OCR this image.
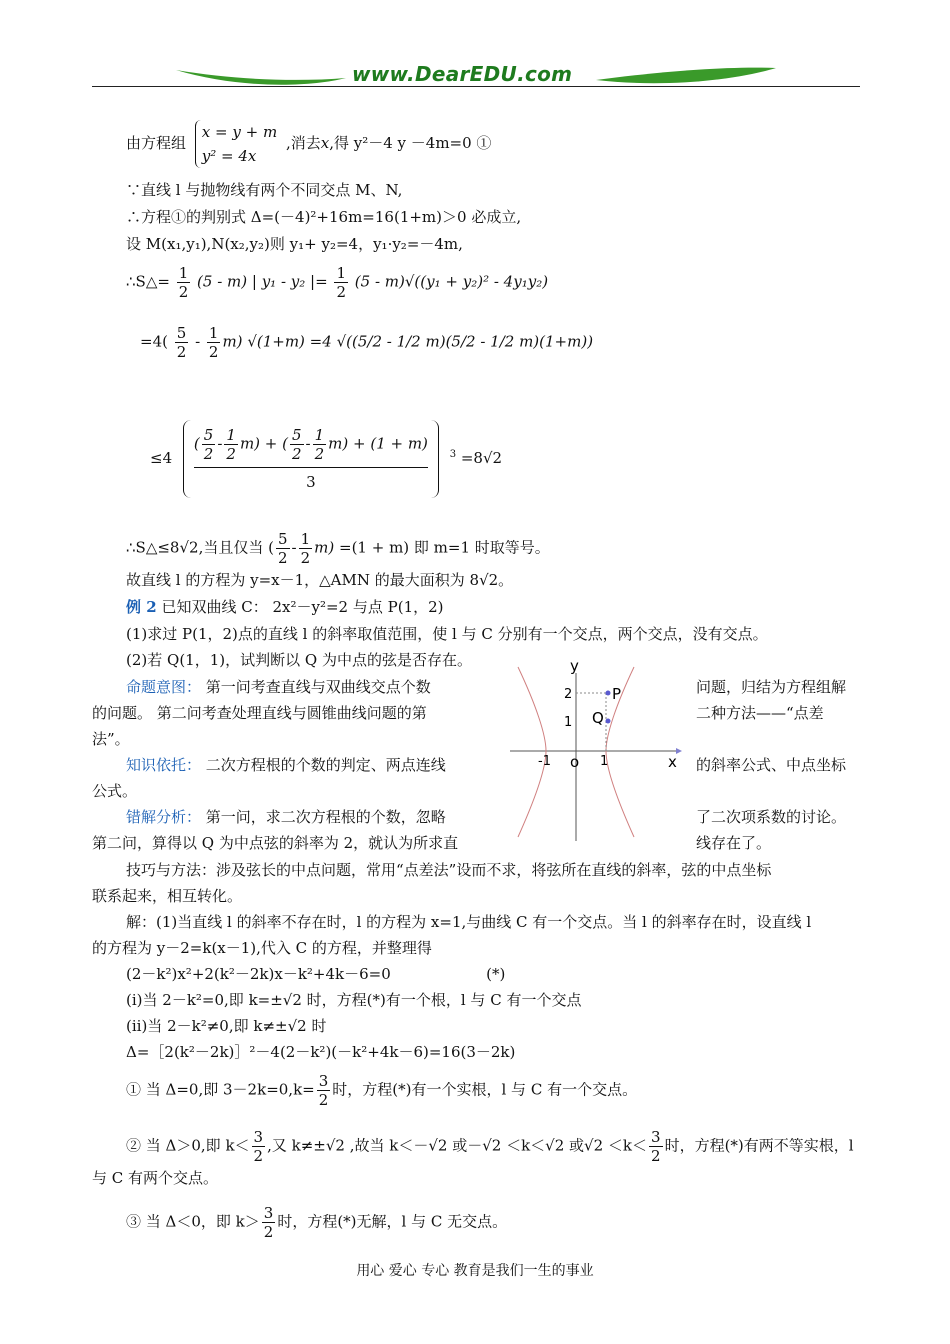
www.DearEDU.com
由方程组
x = y + m
y² = 4x
,消去x,得 y²－4 y －4m=0 ①
∵直线 l 与抛物线有两个不同交点 M、N,
∴方程①的判别式 Δ=(－4)²+16m=16(1+m)＞0 必成立,
设 M(x₁,y₁),N(x₂,y₂)则 y₁+ y₂=4，y₁·y₂=－4m,
∴S△= $\frac{1}{2} (5 - m)$ | y₁ - y₂ |= $\frac{1}{2} (5 - m)√((y_1 + y_2)^2 - 4y_1y_2)$
$=4( \frac{5}{2} - \frac{1}{2} m)$ √(1+m) =4 √((5/2 - 1/2 m)(5/2 - 1/2 m)(1+m))
$\le 4 \frac{( \frac{5}{2} - \frac{1}{2} m) + ( \frac{5}{2} - \frac{1}{2} m) + (1 + m)}{3} ^3 =8√2$
∴S△≤8√2,当且仅当 ( $\frac{5}{2} - \frac{1}{2} m) =(1 + m)$ 即 m=1 时取等号。
故直线 l 的方程为 y=x－1，△AMN 的最大面积为 8√2。
例 2 已知双曲线 C： 2x²－y²=2 与点 P(1，2)
(1)求过 P(1，2)点的直线 l 的斜率取值范围，使 l 与 C 分别有一个交点，两个交点，没有交点。
(2)若 Q(1，1)，试判断以 Q 为中点的弦是否存在。
命题意图： 第一问考查直线与双曲线交点个数	问题，归结为方程组解
的问题。 第二问考查处理直线与圆锥曲线问题的第	二种方法——“点差
法”。
知识依托： 二次方程根的个数的判定、两点连线	的斜率公式、中点坐标
公式。
错解分析： 第一问，求二次方程根的个数，忽略	了二次项系数的讨论。
第二问，算得以 Q 为中点弦的斜率为 2，就认为所求直	线存在了。
y
x
o
-1	1
2
1
P
Q
技巧与方法：涉及弦长的中点问题，常用“点差法”设而不求，将弦所在直线的斜率，弦的中点坐标
联系起来，相互转化。
解：(1)当直线 l 的斜率不存在时，l 的方程为 x=1,与曲线 C 有一个交点。当 l 的斜率存在时，设直线 l
的方程为 y－2=k(x－1),代入 C 的方程，并整理得
(2－k²)x²+2(k²－2k)x－k²+4k－6=0                    (*)
(ⅰ)当 2－k²=0,即 k=±√2 时，方程(*)有一个根，l 与 C 有一个交点
(ⅱ)当 2－k²≠0,即 k≠±√2 时
Δ=［2(k²－2k)］²－4(2－k²)(－k²+4k－6)=16(3－2k)
① 当 Δ=0,即 $3-2k=0,k= \frac{3}{2}$ 时，方程(*)有一个实根，l 与 C 有一个交点。
② 当 Δ＞0,即 $k< \frac{3}{2}$ ,又 k≠±√2 ,故当 k＜－√2 或－√2 ＜k＜√2 或$√2 <k< \frac{3}{2}$ 时，方程(*)有两不等实根，l
与 C 有两个交点。
③ 当 Δ＜0，即 $k> \frac{3}{2}$ 时，方程(*)无解，l 与 C 无交点。
用心 爱心 专心 教育是我们一生的事业
